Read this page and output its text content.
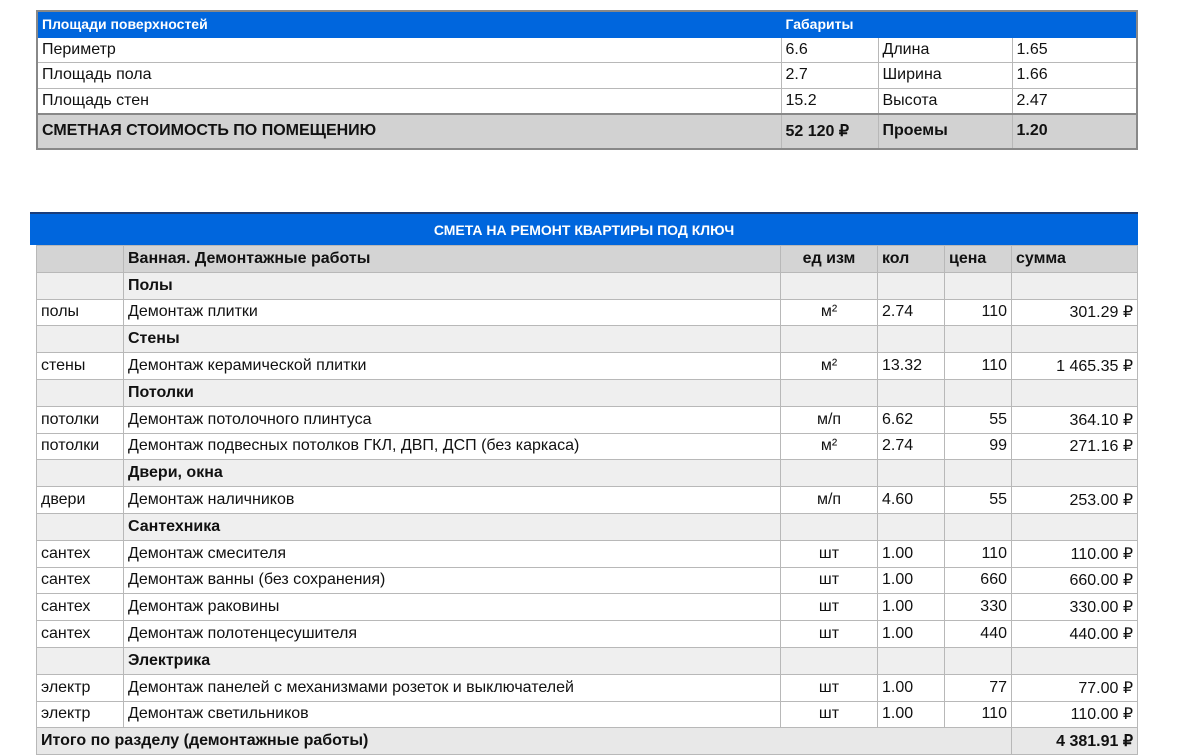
Площади поверхностей	Габариты		
Периметр	6.6	Длина	1.65
Площадь пола	2.7	Ширина	1.66
Площадь стен	15.2	Высота	2.47
СМЕТНАЯ СТОИМОСТЬ ПО ПОМЕЩЕНИЮ	52 120 ₽	Проемы	1.20
СМЕТА НА РЕМОНТ КВАРТИРЫ ПОД КЛЮЧ
	Ванная. Демонтажные работы	ед изм	кол	цена	сумма
	Полы				
полы	Демонтаж плитки	м²	2.74	110	301.29 ₽
	Стены				
стены	Демонтаж керамической плитки	м²	13.32	110	1 465.35 ₽
	Потолки				
потолки	Демонтаж потолочного плинтуса	м/п	6.62	55	364.10 ₽
потолки	Демонтаж подвесных потолков ГКЛ, ДВП, ДСП (без каркаса)	м²	2.74	99	271.16 ₽
	Двери, окна				
двери	Демонтаж наличников	м/п	4.60	55	253.00 ₽
	Сантехника				
сантех	Демонтаж смесителя	шт	1.00	110	110.00 ₽
сантех	Демонтаж ванны (без сохранения)	шт	1.00	660	660.00 ₽
сантех	Демонтаж раковины	шт	1.00	330	330.00 ₽
сантех	Демонтаж полотенцесушителя	шт	1.00	440	440.00 ₽
	Электрика				
электр	Демонтаж панелей с механизмами розеток и выключателей	шт	1.00	77	77.00 ₽
электр	Демонтаж светильников	шт	1.00	110	110.00 ₽
Итого по разделу (демонтажные работы)					4 381.91 ₽
